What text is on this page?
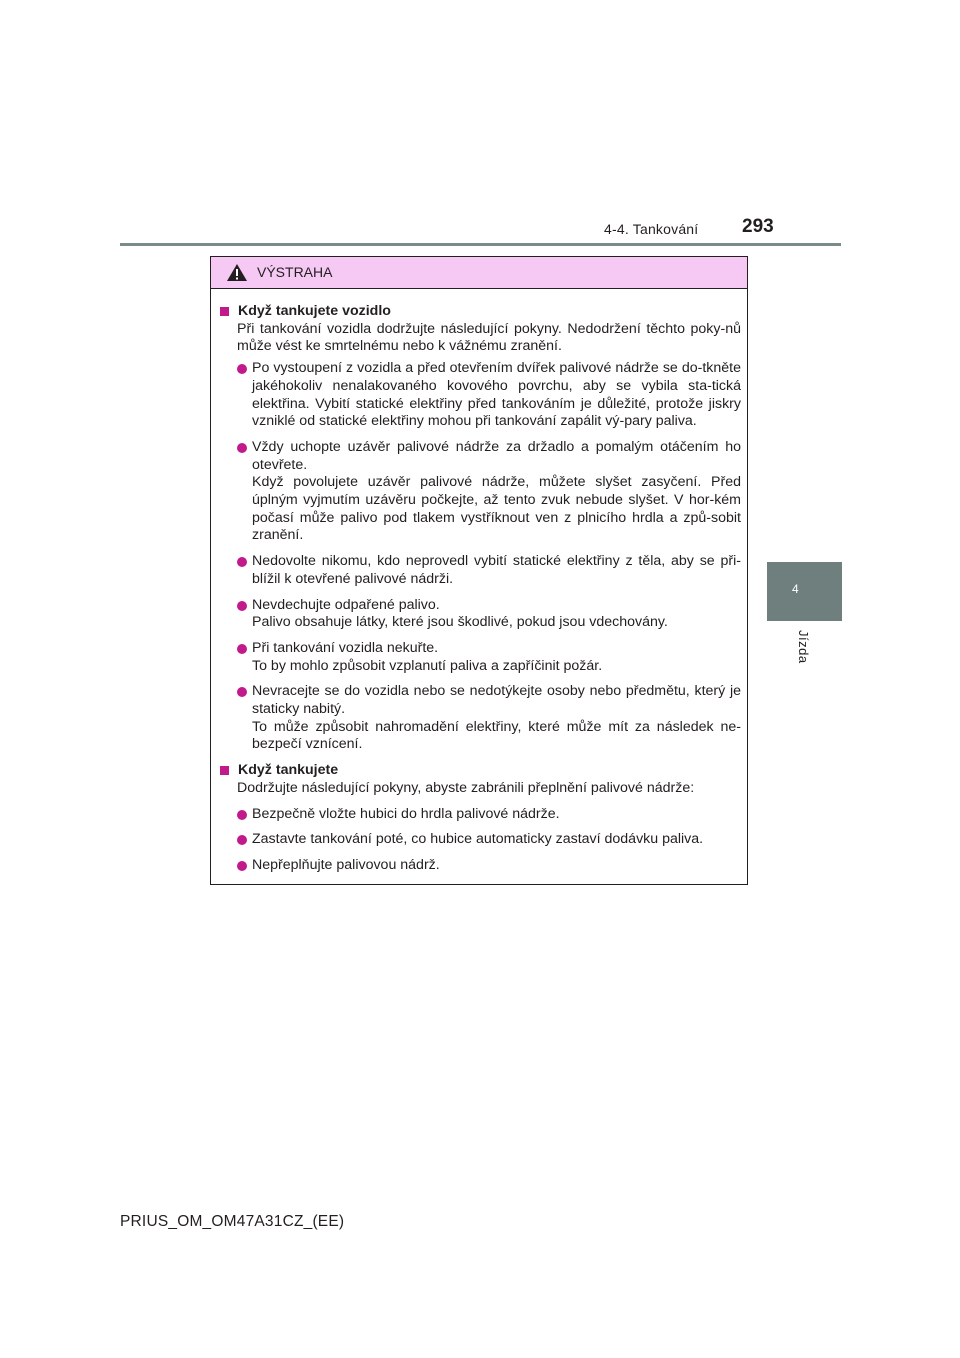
4-4. Tankování 293
4
Jízda
VÝSTRAHA
Když tankujete vozidlo
Při tankování vozidla dodržujte následující pokyny. Nedodržení těchto poky-nů může vést ke smrtelnému nebo k vážnému zranění.
Po vystoupení z vozidla a před otevřením dvířek palivové nádrže se do-tkněte jakéhokoliv nenalakovaného kovového povrchu, aby se vybila sta-tická elektřina. Vybití statické elektřiny před tankováním je důležité, protože jiskry vzniklé od statické elektřiny mohou při tankování zapálit vý-pary paliva.
Vždy uchopte uzávěr palivové nádrže za držadlo a pomalým otáčením ho otevřete.
Když povolujete uzávěr palivové nádrže, můžete slyšet zasyčení. Před úplným vyjmutím uzávěru počkejte, až tento zvuk nebude slyšet. V hor-kém počasí může palivo pod tlakem vystříknout ven z plnicího hrdla a způ-sobit zranění.
Nedovolte nikomu, kdo neprovedl vybití statické elektřiny z těla, aby se při-blížil k otevřené palivové nádrži.
Nevdechujte odpařené palivo.
Palivo obsahuje látky, které jsou škodlivé, pokud jsou vdechovány.
Při tankování vozidla nekuřte.
To by mohlo způsobit vzplanutí paliva a zapříčinit požár.
Nevracejte se do vozidla nebo se nedotýkejte osoby nebo předmětu, který je staticky nabitý.
To může způsobit nahromadění elektřiny, které může mít za následek ne-bezpečí vznícení.
Když tankujete
Dodržujte následující pokyny, abyste zabránili přeplnění palivové nádrže:
Bezpečně vložte hubici do hrdla palivové nádrže.
Zastavte tankování poté, co hubice automaticky zastaví dodávku paliva.
Nepřeplňujte palivovou nádrž.
PRIUS_OM_OM47A31CZ_(EE)
